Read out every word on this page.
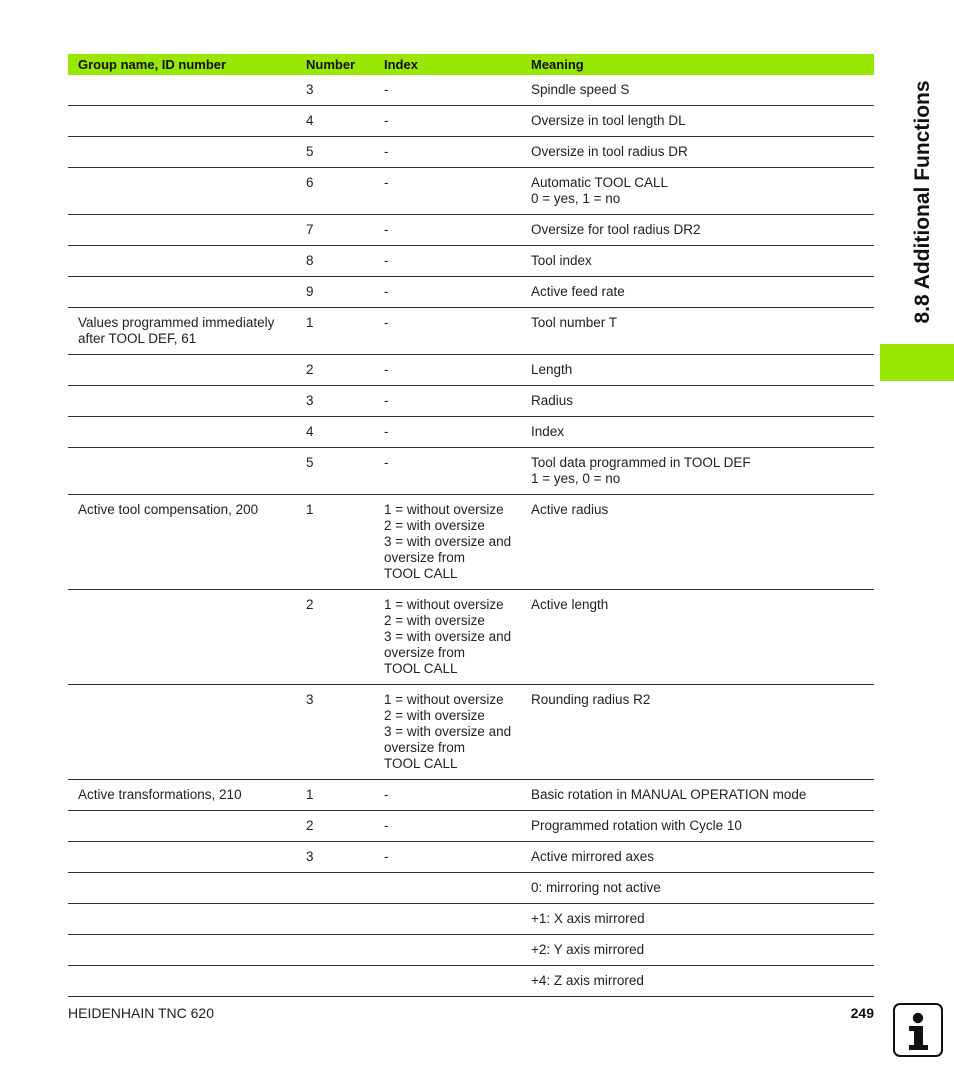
8.8 Additional Functions
Group name, ID number	Number	Index	Meaning
	3	-	Spindle speed S
	4	-	Oversize in tool length DL
	5	-	Oversize in tool radius DR
	6	-	Automatic TOOL CALL
0 = yes, 1 = no
	7	-	Oversize for tool radius DR2
	8	-	Tool index
	9	-	Active feed rate
Values programmed immediately
after TOOL DEF, 61	1	-	Tool number T
	2	-	Length
	3	-	Radius
	4	-	Index
	5	-	Tool data programmed in TOOL DEF
1 = yes, 0 = no
Active tool compensation, 200	1	1 = without oversize
2 = with oversize
3 = with oversize and
oversize from
TOOL CALL	Active radius
	2	1 = without oversize
2 = with oversize
3 = with oversize and
oversize from
TOOL CALL	Active length
	3	1 = without oversize
2 = with oversize
3 = with oversize and
oversize from
TOOL CALL	Rounding radius R2
Active transformations, 210	1	-	Basic rotation in MANUAL OPERATION mode
	2	-	Programmed rotation with Cycle 10
	3	-	Active mirrored axes
			0: mirroring not active
			+1: X axis mirrored
			+2: Y axis mirrored
			+4: Z axis mirrored
HEIDENHAIN TNC 620	249
